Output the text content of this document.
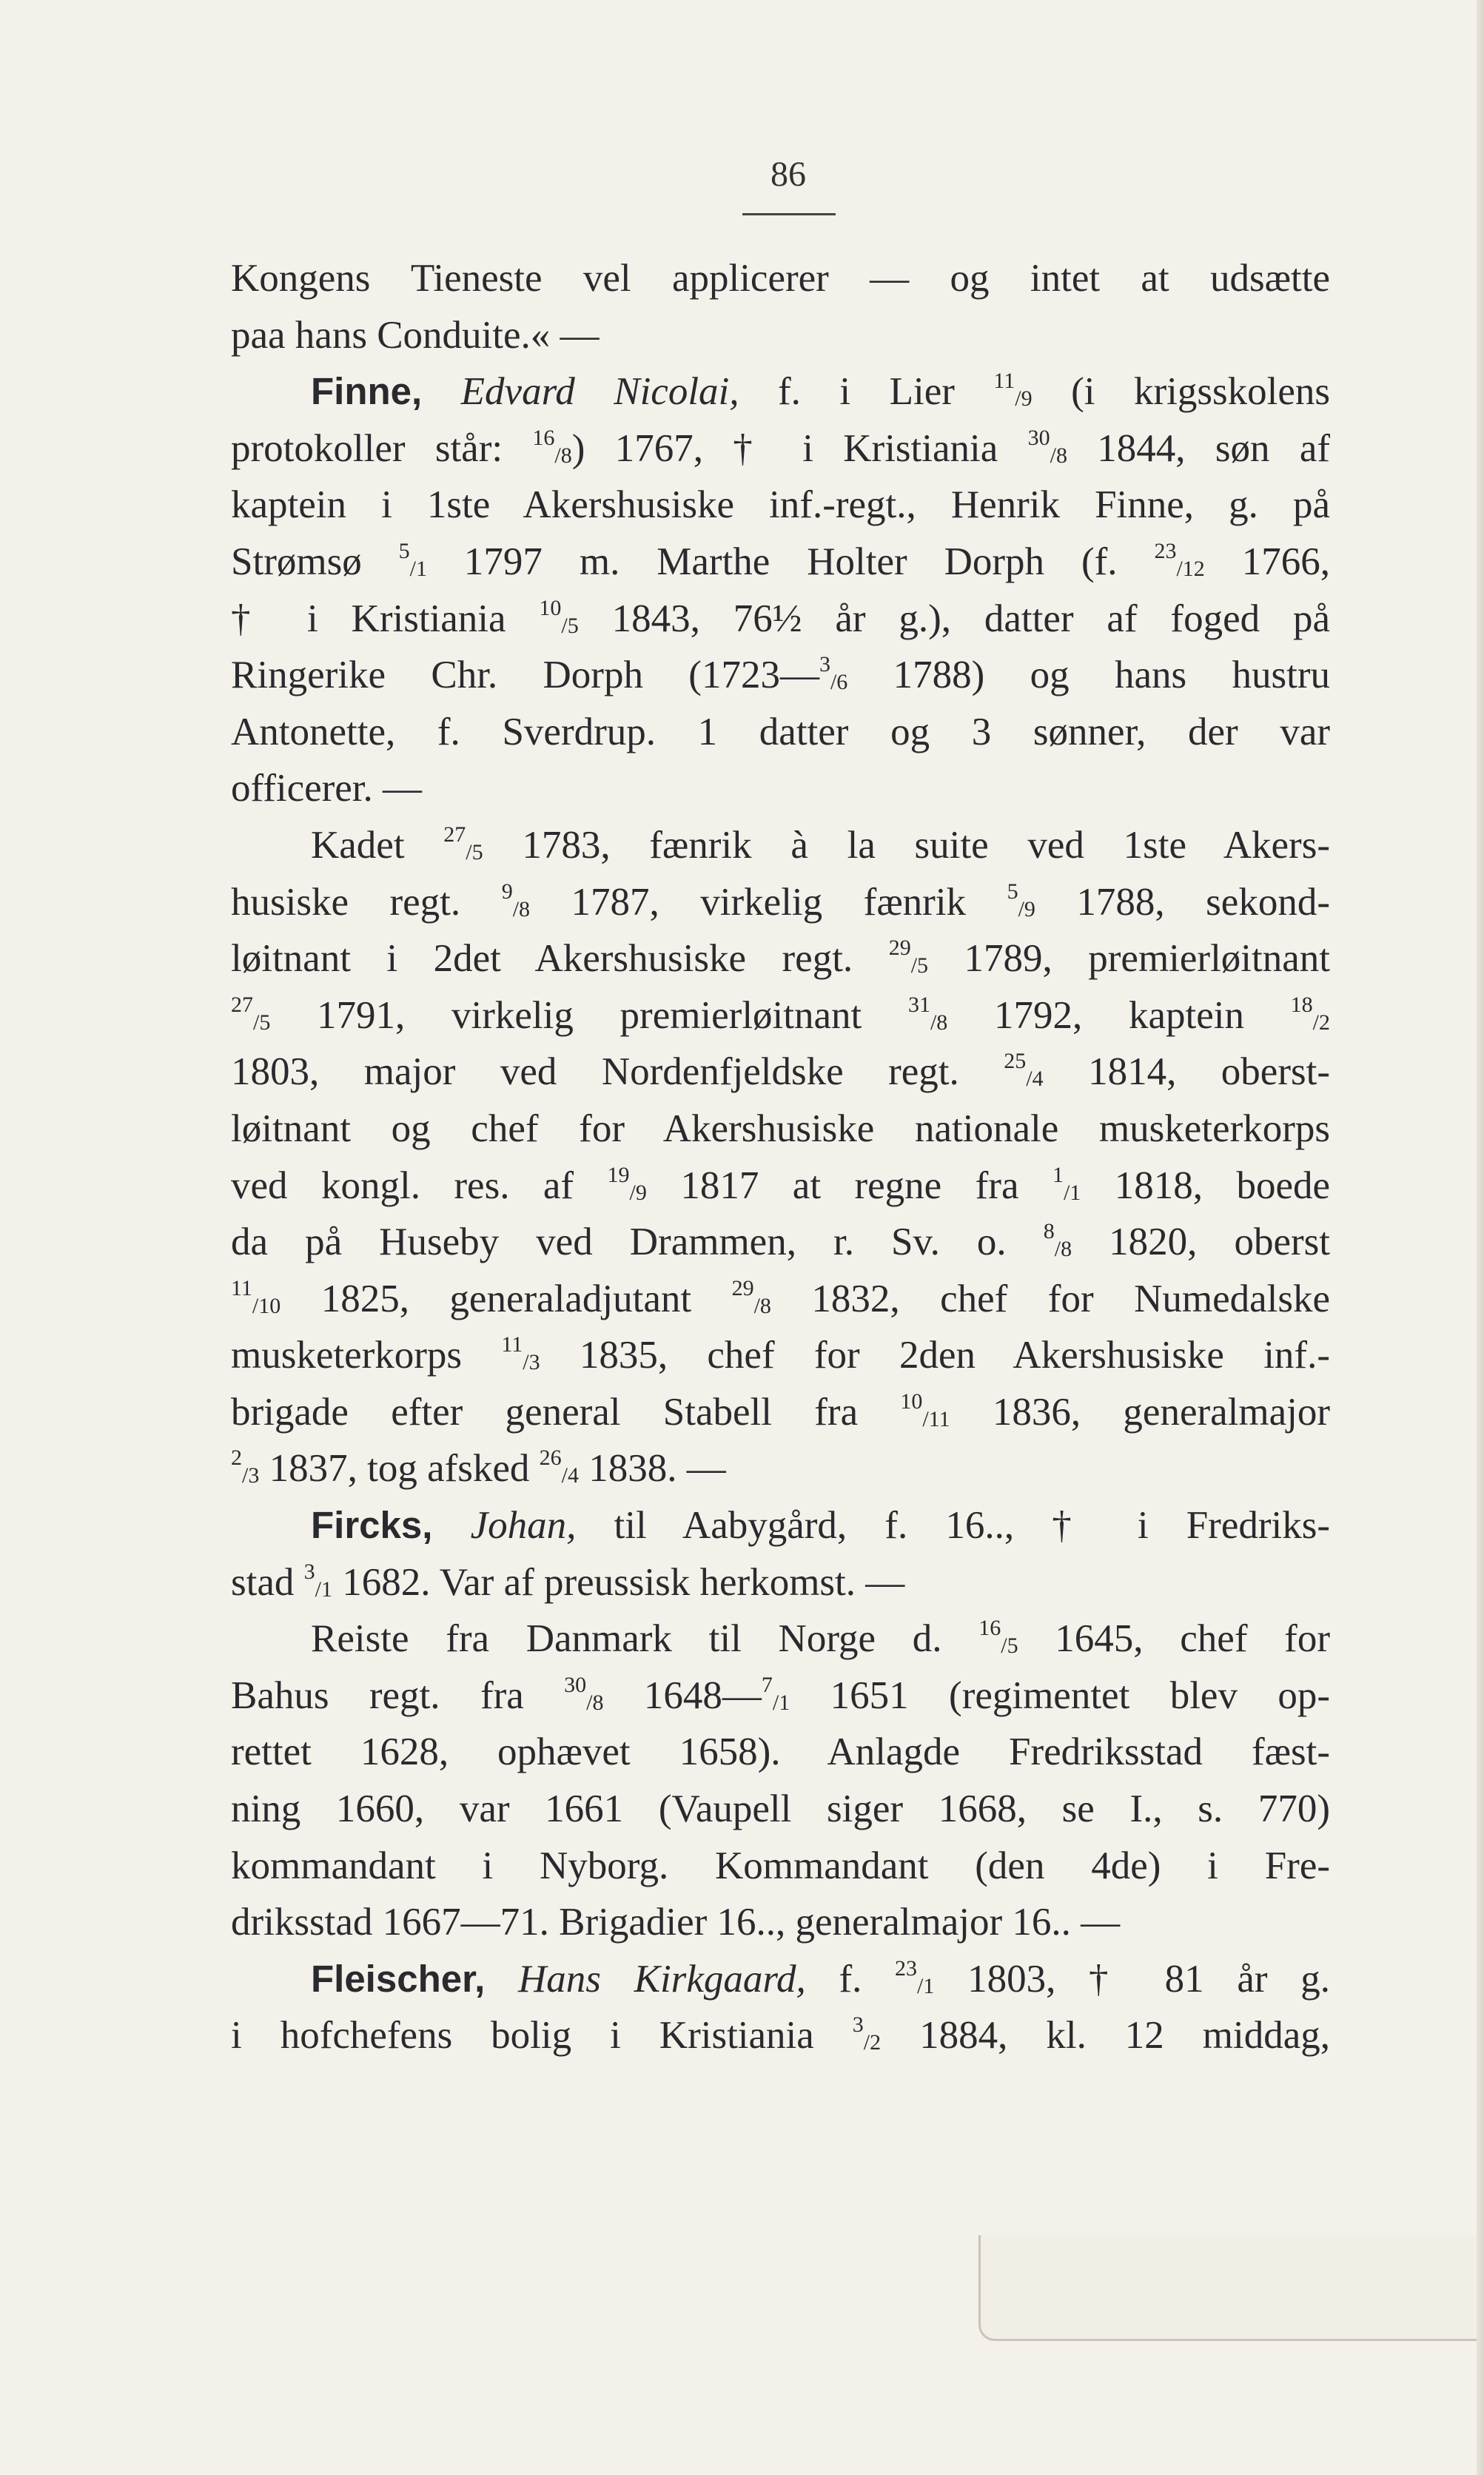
86
Kongens Tieneste vel applicerer — og intet at udsætte
paa hans Conduite.« —
Finne, Edvard Nicolai, f. i Lier $^{11}_{/9}$ (i krigsskolens
protokoller står: $^{16}_{/8}$) 1767, † i Kristiania $^{30}_{/8}$ 1844, søn af
kaptein i 1ste Akershusiske inf.-regt., Henrik Finne, g. på
Strømsø $^5_{/1}$ 1797 m. Marthe Holter Dorph (f. $^{23}_{/12}$ 1766,
† i Kristiania $^{10}_{/5}$ 1843, 76½ år g.), datter af foged på
Ringerike Chr. Dorph (1723—$^3_{/6}$ 1788) og hans hustru
Antonette, f. Sverdrup. 1 datter og 3 sønner, der var
officerer. —
Kadet $^{27}_{/5}$ 1783, fænrik à la suite ved 1ste Akers-
husiske regt. $^9_{/8}$ 1787, virkelig fænrik $^5_{/9}$ 1788, sekond-
løitnant i 2det Akershusiske regt. $^{29}_{/5}$ 1789, premierløitnant
$^{27}_{/5}$ 1791, virkelig premierløitnant $^{31}_{/8}$ 1792, kaptein $^{18}_{/2}$
1803, major ved Nordenfjeldske regt. $^{25}_{/4}$ 1814, oberst-
løitnant og chef for Akershusiske nationale musketerkorps
ved kongl. res. af $^{19}_{/9}$ 1817 at regne fra $^1_{/1}$ 1818, boede
da på Huseby ved Drammen, r. Sv. o. $^8_{/8}$ 1820, oberst
$^{11}_{/10}$ 1825, generaladjutant $^{29}_{/8}$ 1832, chef for Numedalske
musketerkorps $^{11}_{/3}$ 1835, chef for 2den Akershusiske inf.-
brigade efter general Stabell fra $^{10}_{/11}$ 1836, generalmajor
$^2_{/3}$ 1837, tog afsked $^{26}_{/4}$ 1838. —
Fircks, Johan, til Aabygård, f. 16.., † i Fredriks-
stad $^3_{/1}$ 1682. Var af preussisk herkomst. —
Reiste fra Danmark til Norge d. $^{16}_{/5}$ 1645, chef for
Bahus regt. fra $^{30}_{/8}$ 1648—$^7_{/1}$ 1651 (regimentet blev op-
rettet 1628, ophævet 1658). Anlagde Fredriksstad fæst-
ning 1660, var 1661 (Vaupell siger 1668, se I., s. 770)
kommandant i Nyborg. Kommandant (den 4de) i Fre-
driksstad 1667—71. Brigadier 16.., generalmajor 16.. —
Fleischer, Hans Kirkgaard, f. $^{23}_{/1}$ 1803, † 81 år g.
i hofchefens bolig i Kristiania $^3_{/2}$ 1884, kl. 12 middag,
